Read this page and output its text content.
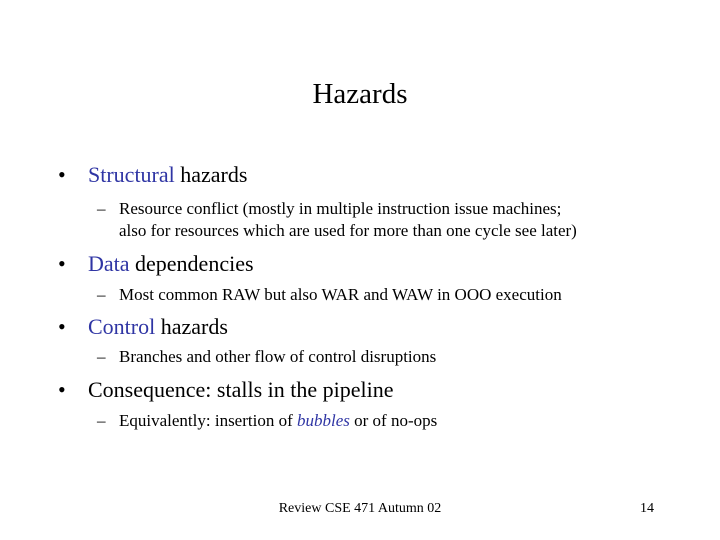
Hazards
• Structural hazards
– Resource conflict (mostly in multiple instruction issue machines;
also for resources which are used for more than one cycle see later)
• Data dependencies
– Most common RAW but also WAR and WAW in OOO execution
• Control hazards
– Branches and other flow of control disruptions
• Consequence: stalls in the pipeline
– Equivalently: insertion of bubbles or of no-ops
Review CSE 471 Autumn 02	14
